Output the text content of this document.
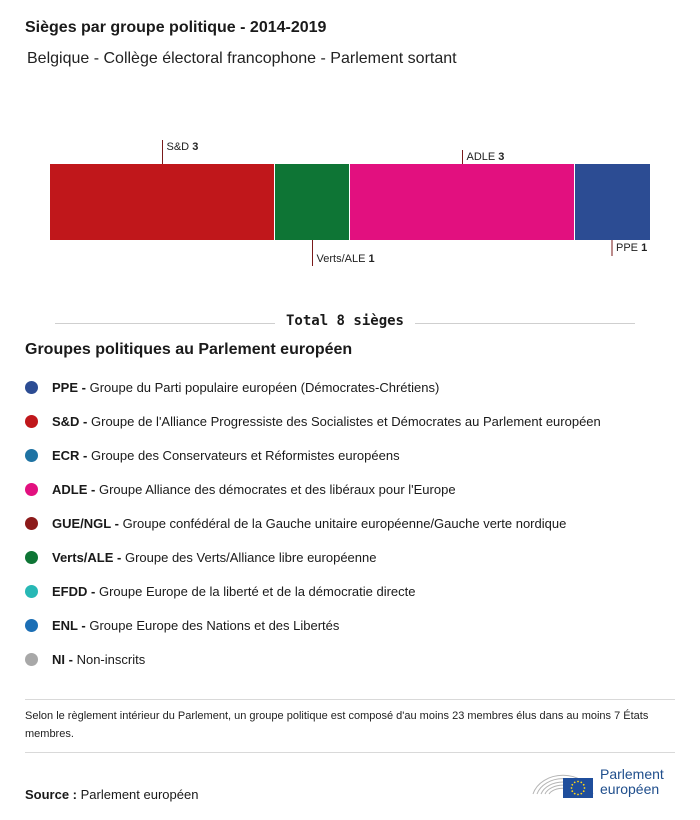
Sièges par groupe politique - 2014-2019

Belgique - Collège électoral francophone - Parlement sortant

S&D 3
Verts/ALE 1
ADLE 3
PPE 1
Total 8 sièges
Groupes politiques au Parlement européen
PPE - Groupe du Parti populaire européen (Démocrates-Chrétiens)
S&D - Groupe de l'Alliance Progressiste des Socialistes et Démocrates au Parlement européen
ECR - Groupe des Conservateurs et Réformistes européens
ADLE - Groupe Alliance des démocrates et des libéraux pour l'Europe
GUE/NGL - Groupe confédéral de la Gauche unitaire européenne/Gauche verte nordique
Verts/ALE - Groupe des Verts/Alliance libre européenne
EFDD - Groupe Europe de la liberté et de la démocratie directe
ENL - Groupe Europe des Nations et des Libertés
NI - Non-inscrits

Selon le règlement intérieur du Parlement, un groupe politique est composé d'au moins 23 membres élus dans au moins 7 États membres.

Source : Parlement européen
Parlement
européen
